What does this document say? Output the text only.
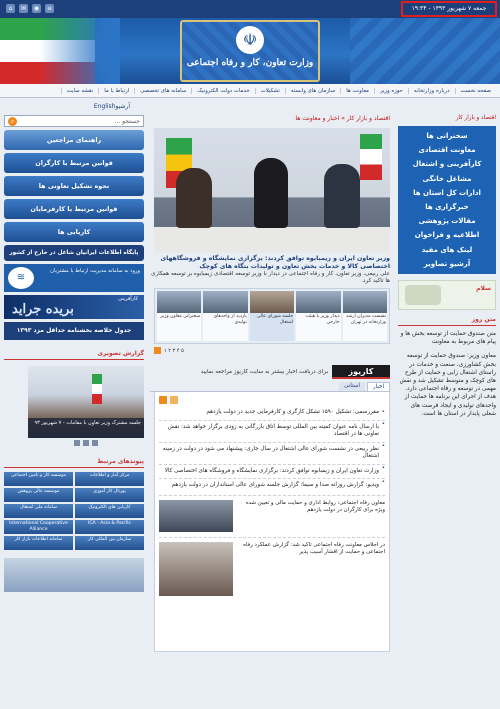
جمعه ۷ شهریور ۱۳۹۳ - ۱۹:۳۴
⌂	✉	◉	≡
☫
وزارت تعاون، کار و رفاه اجتماعی
صفحه نخست
درباره وزارتخانه
حوزه وزیر
معاونت ها
سازمان های وابسته
تشکیلات
خدمات دولت الکترونیک
سامانه های تخصصی
ارتباط با ما
نقشه سایت
آرشیو
English
جستجو ...
⌕
راهنمای مراجعین
قوانین مرتبط با کارگران
نحوه تشکیل تعاونی ها
قوانین مرتبط با کارفرمایان
کاریابی ها
پایگاه اطلاعات ایرانیان شاغل در خارج از کشور
≋
ورود به سامانه مدیریت ارتباط با مشتریان
کارآفرینی
بریده جراید
جدول خلاصه بخشنامه حداقل مزد ۱۳۹۳
گزارش تصویری
جلسه مشترک وزیر تعاون با مقامات - ۷ شهریور ۹۳
پیوندهای مرتبط
مرکز آمار و اطلاعات
موسسه کار و تامین اجتماعی
پورتال کار آموزی
موسسه عالی پژوهش
کاریابی های الکترونیک
سامانه ملی اشتغال
ICA - Asia & Pacific
International Cooperative Alliance
سازمان بین المللی کار
سامانه اطلاعات بازار کار
اقتصاد و بازار کار » اخبار و معاونت ها
وزیر تعاون ایران و زیمبابوه توافق کردند: برگزاری نمایشگاه و فروشگاههای اختصاصی کالا و خدمات بخش تعاون و تولیدات بنگاه های کوچک
علی ربیعی، وزیر تعاون، کار و رفاه اجتماعی در دیدار با وزیر توسعه اقتصادی زیمبابوه بر توسعه همکاری ها تاکید کرد.
نشست مدیران ارشد وزارتخانه در تهران
دیدار وزیر با هیئت خارجی
جلسه شورای عالی اشتغال
بازدید از واحدهای تولیدی
سخنرانی معاون وزیر
۱ ۲ ۳ ۴ ۵
کاریوز
برای دریافت اخبار بیشتر به سایت کاریوز مراجعه نمایید
اخبار
استانی
• مقررسمی: تشکیل ۱۵۹۰ تشکل کارگری و کارفرمایی جدید در دولت یازدهم
• با ارسال نامه عنوان کمیته بین المللی توسط اتاق بازرگانی به زودی برگزار خواهد شد: نقش تعاونی ها در اقتصاد
• نظر ربیعی در نشست شورای عالی اشتغال در سال جاری: پیشنهاد می شود در دولت در زمینه اشتغال
• وزارت تعاون ایران و زیمبابوه توافق کردند: برگزاری نمایشگاه و فروشگاه های اختصاصی کالا
• ویدیو: گزارش روزانه صدا و سیما: گزارش جلسه شورای عالی استانداران در دولت یازدهم
معاون رفاه اجتماعی: روابط اداری و حمایت مالی و تعیین شده ویژه برای کارگران در دولت یازدهم
در اجلاس معاونت رفاه اجتماعی تاکید شد: گزارش عملکرد رفاه اجتماعی و حمایت از اقشار آسیب پذیر
اقتصاد و بازار کار
سخنرانی ها
معاونت اقتصادی
کارآفرینی و اشتغال
مشاغل خانگی
ادارات کل استان ها
خبرگزاری ها
مقالات پژوهشی
اطلاعیه و فراخوان
لینک های مفید
آرشیو تصاویر
سلام
متن روز

متن صندوق حمایت از توسعه بخش ها و پیام های مربوط به معاونت

معاون وزیر: صندوق حمایت از توسعه بخش کشاورزی، صنعت و خدمات در راستای اشتغال زایی و حمایت از طرح های کوچک و متوسط تشکیل شد و نقش مهمی در توسعه و رفاه اجتماعی دارد. هدف از اجرای این برنامه ها حمایت از واحدهای تولیدی و ایجاد فرصت های شغلی پایدار در استان ها است.
